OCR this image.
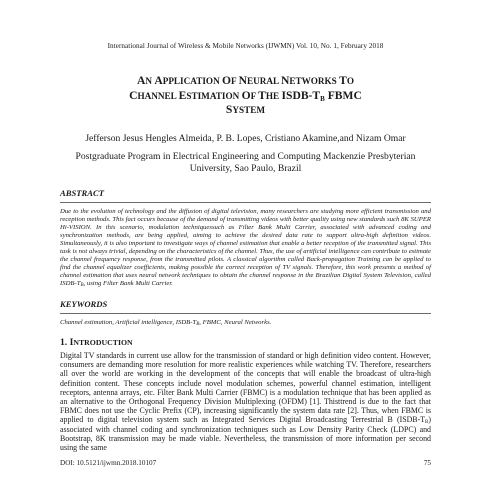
International Journal of Wireless & Mobile Networks (IJWMN) Vol. 10, No. 1, February 2018
AN APPLICATION OF NEURAL NETWORKS TO
CHANNEL ESTIMATION OF THE ISDB-$T_B$ FBMC
SYSTEM
Jefferson Jesus Hengles Almeida, P. B. Lopes, Cristiano Akamine,and Nizam Omar
Postgraduate Program in Electrical Engineering and Computing Mackenzie Presbyterian University, Sao Paulo, Brazil
ABSTRACT

Due to the evolution of technology and the diffusion of digital television, many researchers are studying more efficient transmission and reception methods. This fact occurs because of the demand of transmitting videos with better quality using new standards such 8K SUPER Hi-VISION. In this scenario, modulation techniquessuch as Filter Bank Multi Carrier, associated with advanced coding and synchronization methods, are being applied, aiming to achieve the desired data rate to support ultra-high definition videos. Simultaneously, it is also important to investigate ways of channel estimation that enable a better reception of the transmitted signal. This task is not always trivial, depending on the characteristics of the channel. Thus, the use of artificial intelligence can contribute to estimate the channel frequency response, from the transmitted pilots. A classical algorithm called Back-propagation Training can be applied to find the channel equalizer coefficients, making possible the correct reception of TV signals. Therefore, this work presents a method of channel estimation that uses neural network techniques to obtain the channel response in the Brazilian Digital System Television, called ISDB-$T_B$, using Filter Bank Multi Carrier.

KEYWORDS

Channel estimation, Artificial intelligence, ISDB-$T_B$, FBMC, Neural Networks.

1. INTRODUCTION

Digital TV standards in current use allow for the transmission of standard or high definition video content. However, consumers are demanding more resolution for more realistic experiences while watching TV. Therefore, researchers all over the world are working in the development of the concepts that will enable the broadcast of ultra-high definition content. These concepts include novel modulation schemes, powerful channel estimation, intelligent receptors, antenna arrays, etc. Filter Bank Multi Carrier (FBMC) is a modulation technique that has been applied as an alternative to the Orthogonal Frequency Division Multiplexing (OFDM) [1]. Thisttrend is due to the fact that FBMC does not use the Cyclic Prefix (CP), increasing significantly the system data rate [2]. Thus, when FBMC is applied to digital television system such as Integrated Services Digital Broadcasting Terrestrial B $(ISDB-T_B)$ associated with channel coding and synchronization techniques such as Low Density Parity Check (LDPC) and Bootstrap, 8K transmission may be made viable. Nevertheless, the transmission of more information per second using the same

DOI: 10.5121/ijwmn.2018.10107	75
